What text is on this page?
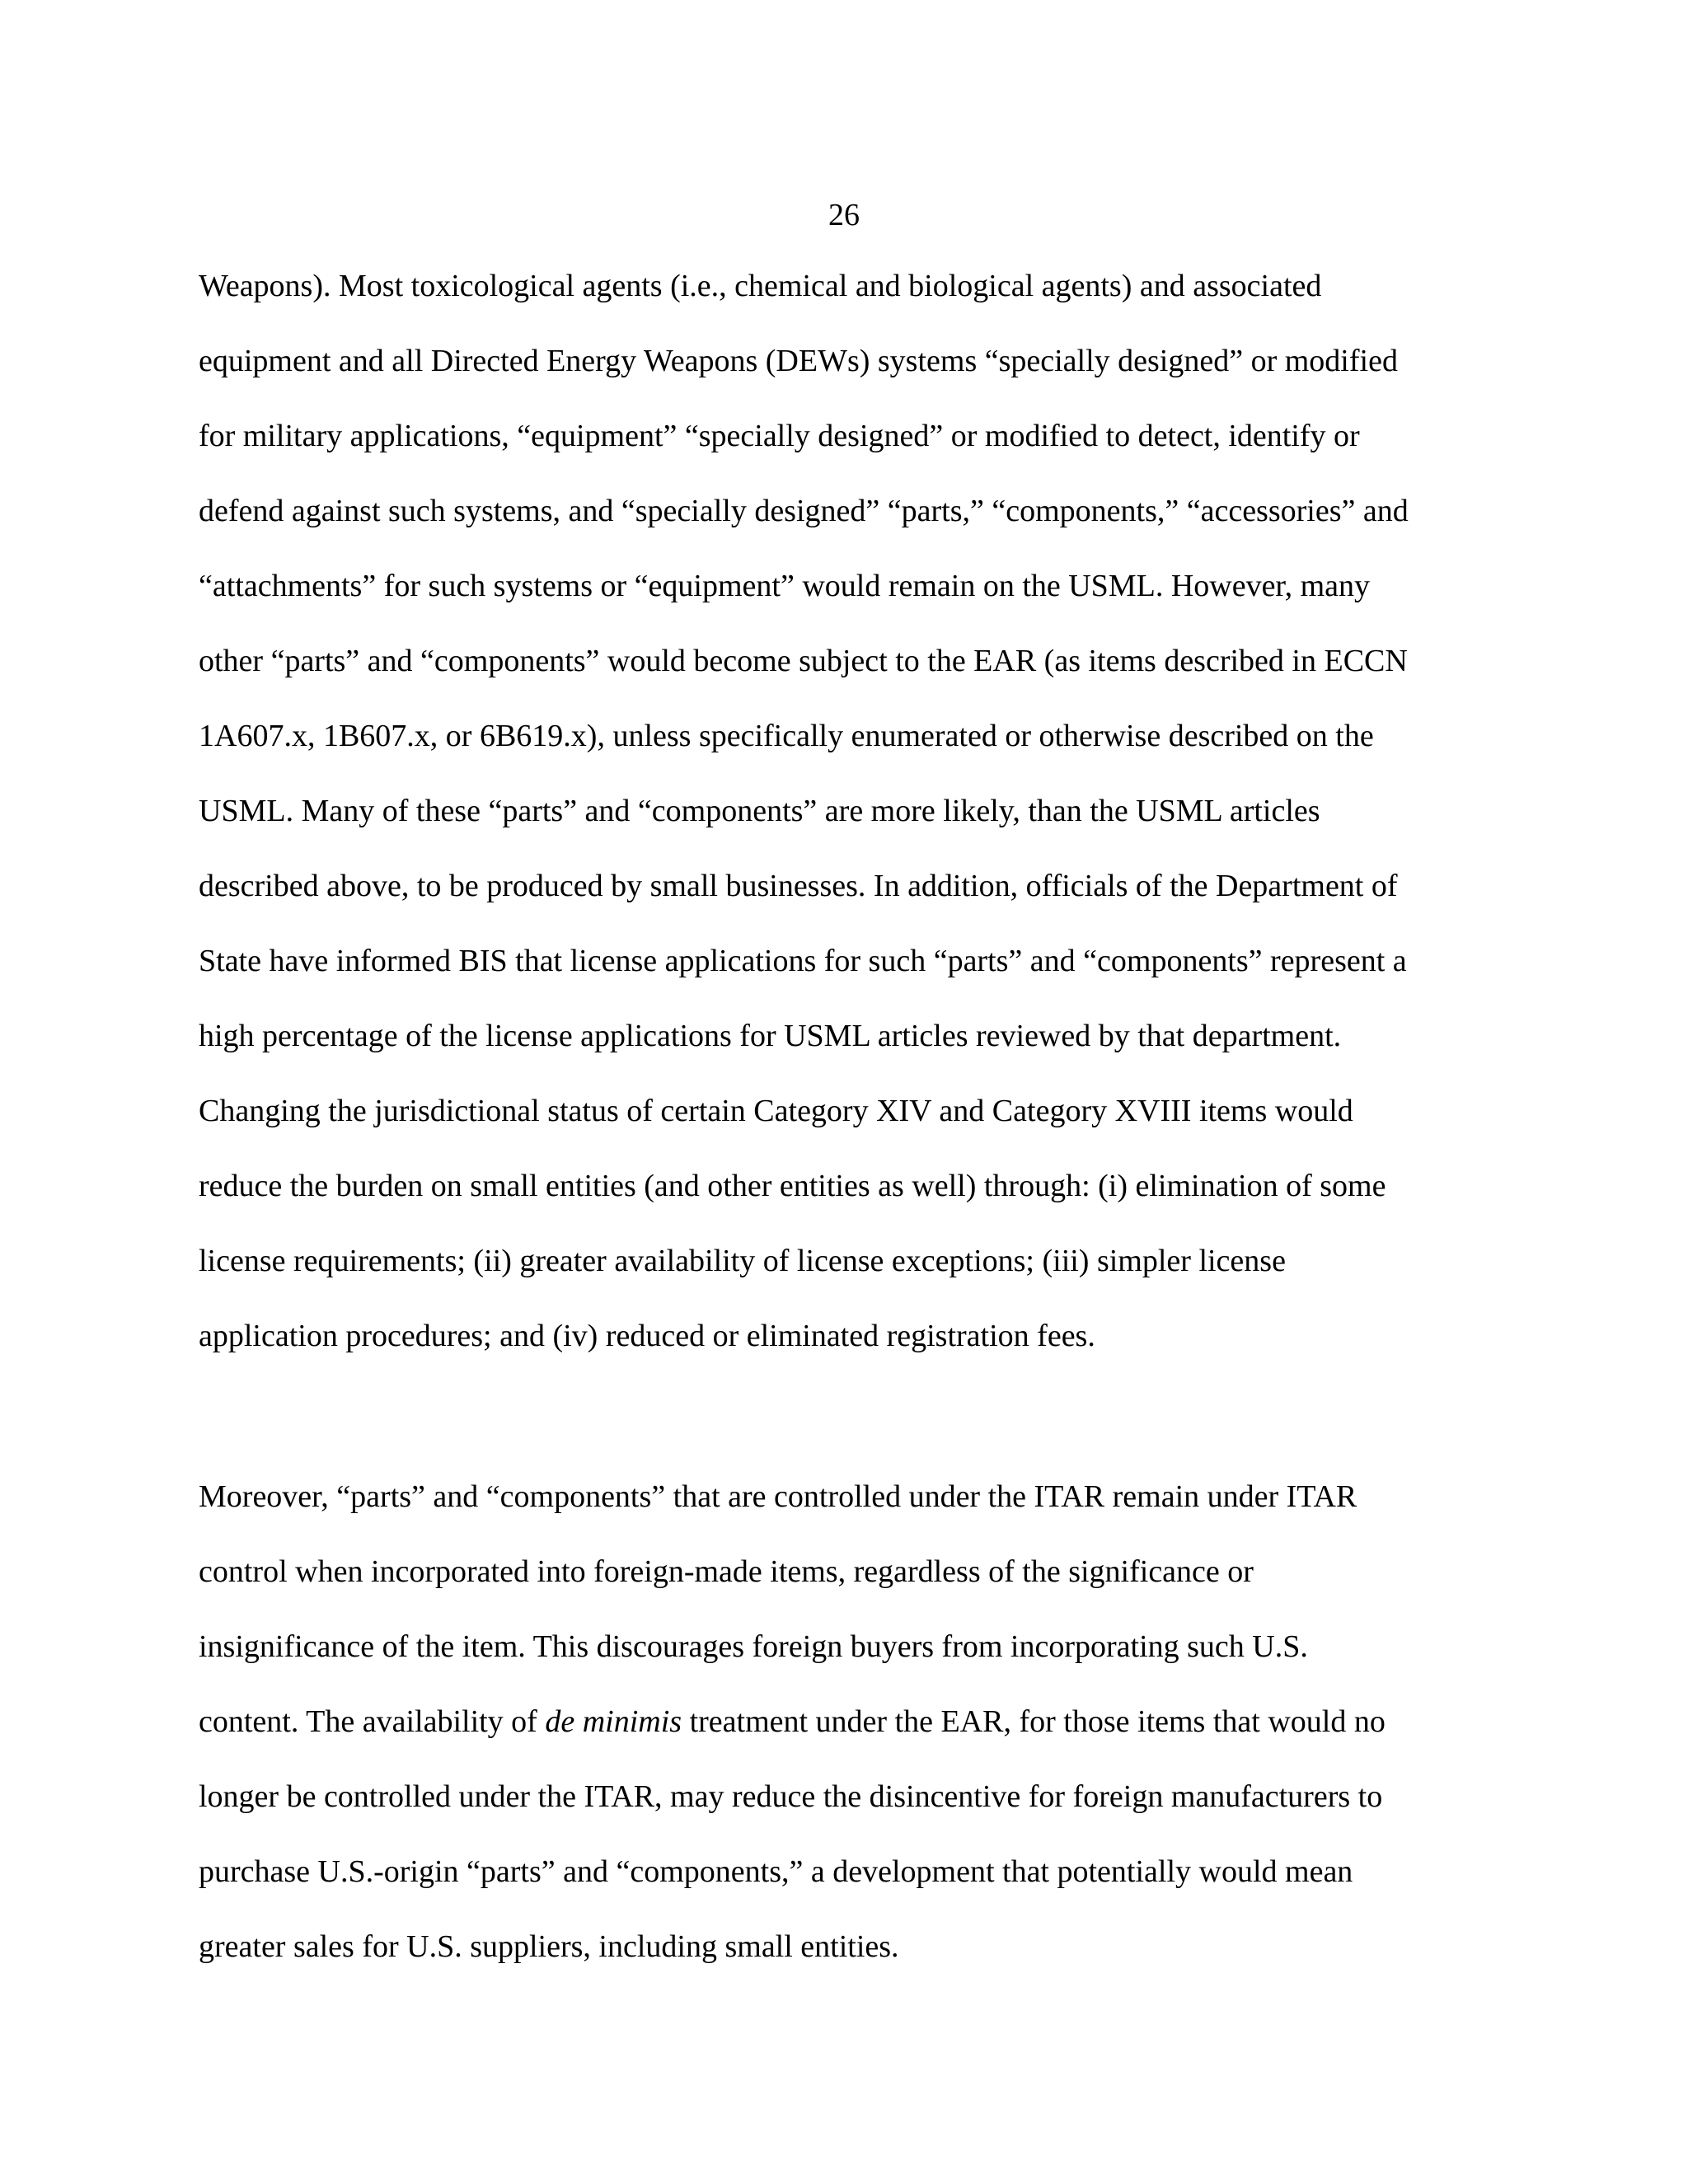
26
Weapons). Most toxicological agents (i.e., chemical and biological agents) and associated
equipment and all Directed Energy Weapons (DEWs) systems “specially designed” or modified
for military applications, “equipment” “specially designed” or modified to detect, identify or
defend against such systems, and “specially designed” “parts,” “components,” “accessories” and
“attachments” for such systems or “equipment” would remain on the USML. However, many
other “parts” and “components” would become subject to the EAR (as items described in ECCN
1A607.x, 1B607.x, or 6B619.x), unless specifically enumerated or otherwise described on the
USML. Many of these “parts” and “components” are more likely, than the USML articles
described above, to be produced by small businesses. In addition, officials of the Department of
State have informed BIS that license applications for such “parts” and “components” represent a
high percentage of the license applications for USML articles reviewed by that department.
Changing the jurisdictional status of certain Category XIV and Category XVIII items would
reduce the burden on small entities (and other entities as well) through: (i) elimination of some
license requirements; (ii) greater availability of license exceptions; (iii) simpler license
application procedures; and (iv) reduced or eliminated registration fees.
Moreover, “parts” and “components” that are controlled under the ITAR remain under ITAR
control when incorporated into foreign-made items, regardless of the significance or
insignificance of the item. This discourages foreign buyers from incorporating such U.S.
content. The availability of de minimis treatment under the EAR, for those items that would no
longer be controlled under the ITAR, may reduce the disincentive for foreign manufacturers to
purchase U.S.-origin “parts” and “components,” a development that potentially would mean
greater sales for U.S. suppliers, including small entities.
